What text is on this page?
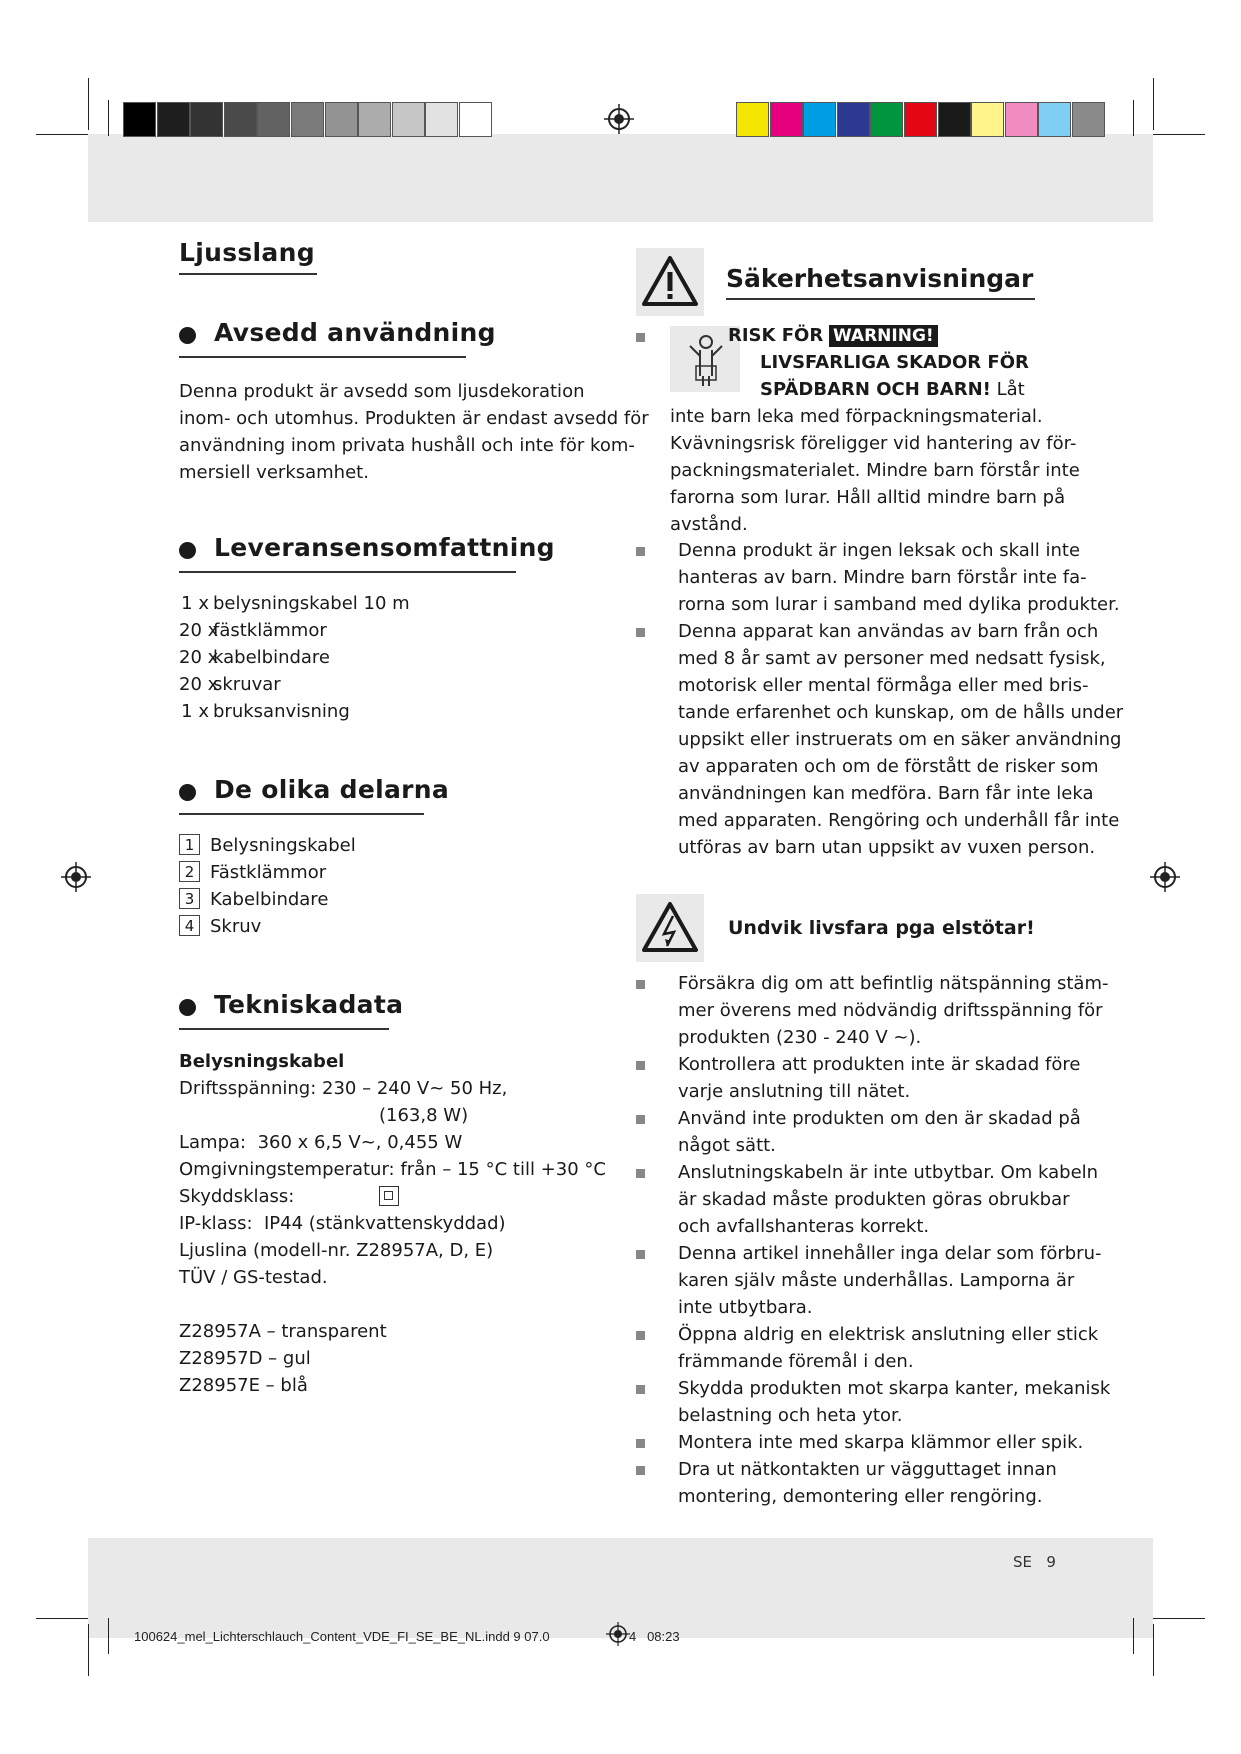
Ljusslang
Avsedd användning
Denna produkt är avsedd som ljusdekoration
inom- och utomhus. Produkten är endast avsedd för
användning inom privata hushåll och inte för kom-
mersiell verksamhet.
Leveransensomfattning
1 x belysningskabel 10 m
20 xfästklämmor
20 xkabelbindare
20 xskruvar
1 x bruksanvisning
De olika delarna
1 Belysningskabel
2 Fästklämmor
3 Kabelbindare
4 Skruv
Tekniskadata
Belysningskabel
Driftsspänning: 230 – 240 V~ 50 Hz,
(163,8 W)
Lampa: 360 x 6,5 V~, 0,455 W
Omgivningstemperatur: från – 15 °C till +30 °C
Skyddsklass:
IP-klass: IP44 (stänkvattenskyddad)
Ljuslina (modell-nr. Z28957A, D, E)
TÜV / GS-testad.
Z28957A – transparent
Z28957D – gul
Z28957E – blå
Säkerhetsanvisningar
RISK FÖR WARNING!
LIVSFARLIGA SKADOR FÖR
SPÄDBARN OCH BARN! Låt
inte barn leka med förpackningsmaterial.
Kvävningsrisk föreligger vid hantering av för-
packningsmaterialet. Mindre barn förstår inte
farorna som lurar. Håll alltid mindre barn på
avstånd.
Denna produkt är ingen leksak och skall inte
hanteras av barn. Mindre barn förstår inte fa-
rorna som lurar i samband med dylika produkter.
Denna apparat kan användas av barn från och
med 8 år samt av personer med nedsatt fysisk,
motorisk eller mental förmåga eller med bris-
tande erfarenhet och kunskap, om de hålls under
uppsikt eller instruerats om en säker användning
av apparaten och om de förstått de risker som
användningen kan medföra. Barn får inte leka
med apparaten. Rengöring och underhåll får inte
utföras av barn utan uppsikt av vuxen person.
Undvik livsfara pga elstötar!
Försäkra dig om att befintlig nätspänning stäm-
mer överens med nödvändig driftsspänning för
produkten (230 - 240 V ~).
Kontrollera att produkten inte är skadad före
varje anslutning till nätet.
Använd inte produkten om den är skadad på
något sätt.
Anslutningskabeln är inte utbytbar. Om kabeln
är skadad måste produkten göras obrukbar
och avfallshanteras korrekt.
Denna artikel innehåller inga delar som förbru-
karen själv måste underhållas. Lamporna är
inte utbytbara.
Öppna aldrig en elektrisk anslutning eller stick
främmande föremål i den.
Skydda produkten mot skarpa kanter, mekanisk
belastning och heta ytor.
Montera inte med skarpa klämmor eller spik.
Dra ut nätkontakten ur vägguttaget innan
montering, demontering eller rengöring.
SE 9
100624_mel_Lichterschlauch_Content_VDE_FI_SE_BE_NL.indd 9 07.0	4 08:23
